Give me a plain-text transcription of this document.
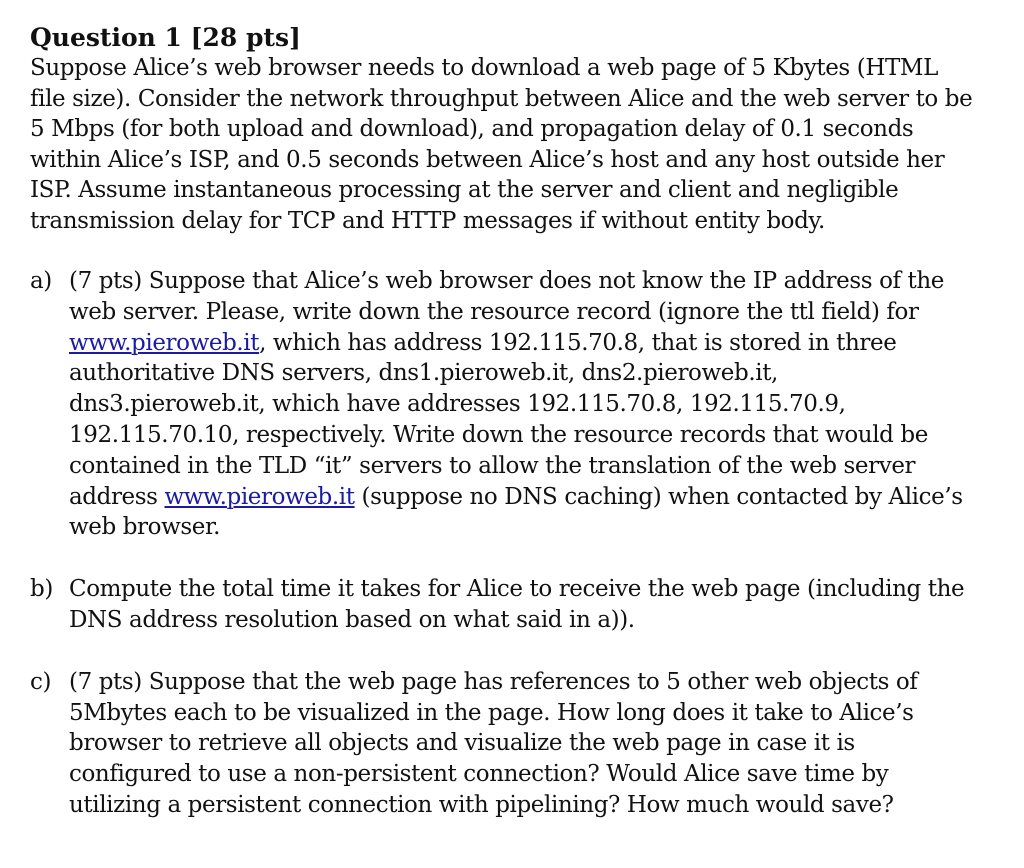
Question 1 [28 pts]

Suppose Alice’s web browser needs to download a web page of 5 Kbytes (HTML file size). Consider the network throughput between Alice and the web server to be 5 Mbps (for both upload and download), and propagation delay of 0.1 seconds within Alice’s ISP, and 0.5 seconds between Alice’s host and any host outside her ISP. Assume instantaneous processing at the server and client and negligible transmission delay for TCP and HTTP messages if without entity body.

a) (7 pts) Suppose that Alice’s web browser does not know the IP address of the web server. Please, write down the resource record (ignore the ttl field) for www.pieroweb.it, which has address 192.115.70.8, that is stored in three authoritative DNS servers, dns1.pieroweb.it, dns2.pieroweb.it, dns3.pieroweb.it, which have addresses 192.115.70.8, 192.115.70.9, 192.115.70.10, respectively. Write down the resource records that would be contained in the TLD “it” servers to allow the translation of the web server address www.pieroweb.it (suppose no DNS caching) when contacted by Alice’s web browser.
b) Compute the total time it takes for Alice to receive the web page (including the DNS address resolution based on what said in a)).
c) (7 pts) Suppose that the web page has references to 5 other web objects of 5Mbytes each to be visualized in the page. How long does it take to Alice’s browser to retrieve all objects and visualize the web page in case it is configured to use a non-persistent connection? Would Alice save time by utilizing a persistent connection with pipelining? How much would save?
